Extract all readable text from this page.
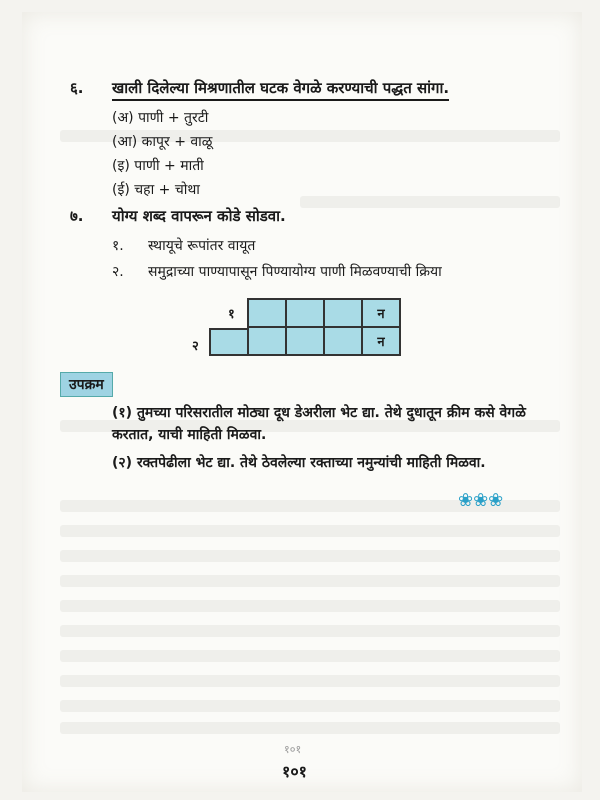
६. खाली दिलेल्या मिश्रणातील घटक वेगळे करण्याची पद्धत सांगा.
(अ) पाणी + तुरटी
(आ) कापूर + वाळू
(इ) पाणी + माती
(ई) चहा + चोथा
७. योग्य शब्द वापरून कोडे सोडवा.
१. स्थायूचे रूपांतर वायूत
२. समुद्राच्या पाण्यापासून पिण्यायोग्य पाणी मिळवण्याची क्रिया
१	न
२	न
उपक्रम
(१) तुमच्या परिसरातील मोठ्या दूध डेअरीला भेट द्या. तेथे दुधातून क्रीम कसे वेगळे करतात, याची माहिती मिळवा.
(२) रक्तपेढीला भेट द्या. तेथे ठेवलेल्या रक्ताच्या नमुन्यांची माहिती मिळवा.
❀❀❀
१०१
१०१
